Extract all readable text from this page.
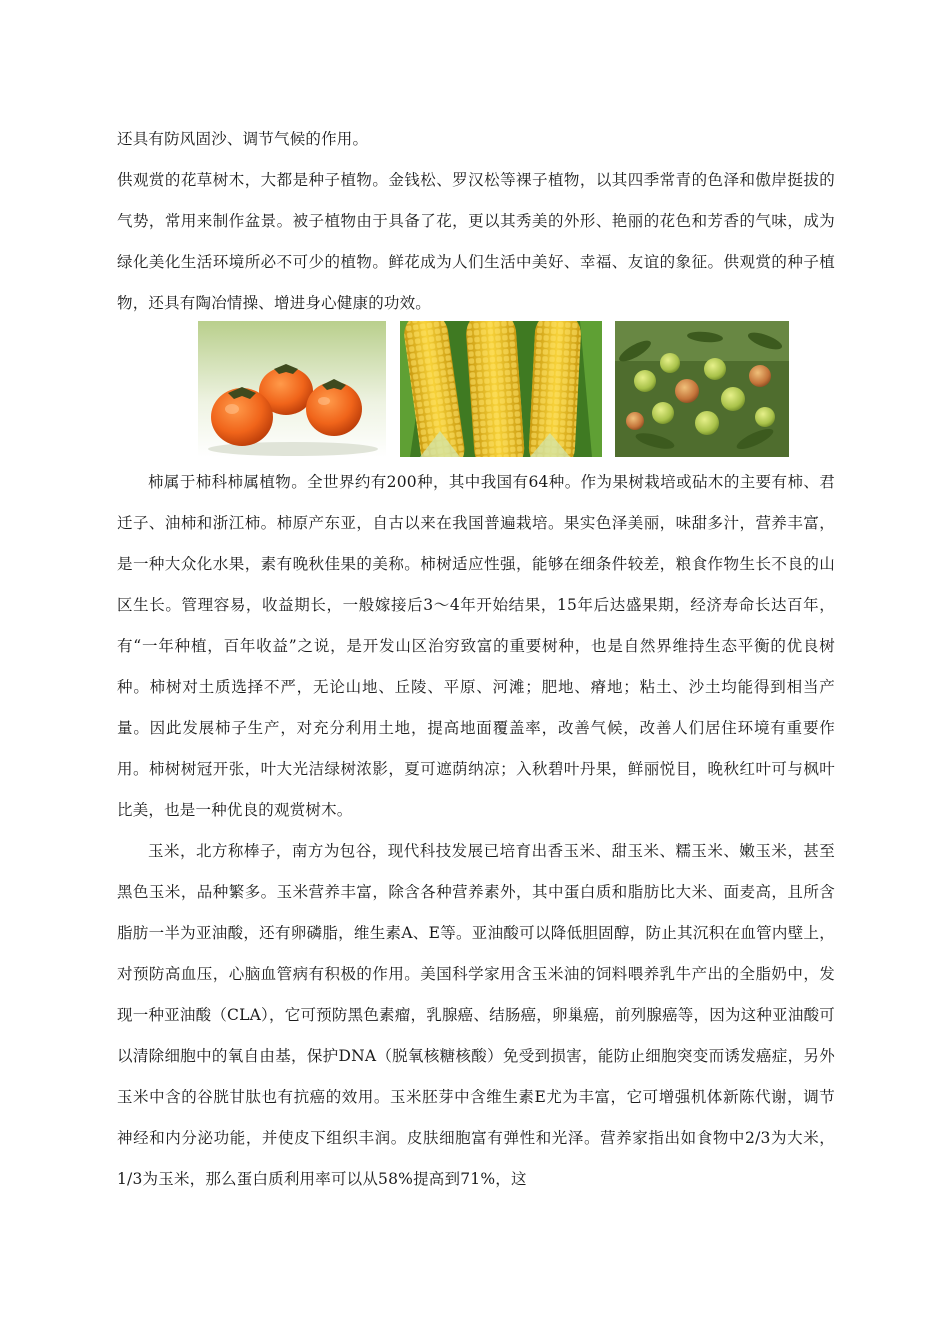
还具有防风固沙、调节气候的作用。

供观赏的花草树木，大都是种子植物。金钱松、罗汉松等裸子植物，以其四季常青的色泽和傲岸挺拔的气势，常用来制作盆景。被子植物由于具备了花，更以其秀美的外形、艳丽的花色和芳香的气味，成为绿化美化生活环境所必不可少的植物。鲜花成为人们生活中美好、幸福、友谊的象征。供观赏的种子植物，还具有陶冶情操、增进身心健康的功效。

柿属于柿科柿属植物。全世界约有200种，其中我国有64种。作为果树栽培或砧木的主要有柿、君迁子、油柿和浙江柿。柿原产东亚，自古以来在我国普遍栽培。果实色泽美丽，味甜多汁，营养丰富，是一种大众化水果，素有晚秋佳果的美称。柿树适应性强，能够在细条件较差，粮食作物生长不良的山区生长。管理容易，收益期长，一般嫁接后3～4年开始结果，15年后达盛果期，经济寿命长达百年，有“一年种植，百年收益”之说，是开发山区治穷致富的重要树种，也是自然界维持生态平衡的优良树种。柿树对土质选择不严，无论山地、丘陵、平原、河滩；肥地、瘠地；粘土、沙土均能得到相当产量。因此发展柿子生产，对充分利用土地，提高地面覆盖率，改善气候，改善人们居住环境有重要作用。柿树树冠开张，叶大光洁绿树浓影，夏可遮荫纳凉；入秋碧叶丹果，鲜丽悦目，晚秋红叶可与枫叶比美，也是一种优良的观赏树木。

玉米，北方称棒子，南方为包谷，现代科技发展已培育出香玉米、甜玉米、糯玉米、嫩玉米，甚至黑色玉米，品种繁多。玉米营养丰富，除含各种营养素外，其中蛋白质和脂肪比大米、面麦高，且所含脂肪一半为亚油酸，还有卵磷脂，维生素A、E等。亚油酸可以降低胆固醇，防止其沉积在血管内壁上，对预防高血压，心脑血管病有积极的作用。美国科学家用含玉米油的饲料喂养乳牛产出的全脂奶中，发现一种亚油酸（CLA），它可预防黑色素瘤，乳腺癌、结肠癌，卵巢癌，前列腺癌等，因为这种亚油酸可以清除细胞中的氧自由基，保护DNA（脱氧核糖核酸）免受到损害，能防止细胞突变而诱发癌症，另外玉米中含的谷胱甘肽也有抗癌的效用。玉米胚芽中含维生素E尤为丰富，它可增强机体新陈代谢，调节神经和内分泌功能，并使皮下组织丰润。皮肤细胞富有弹性和光泽。营养家指出如食物中2/3为大米，1/3为玉米，那么蛋白质利用率可以从58%提高到71%，这
